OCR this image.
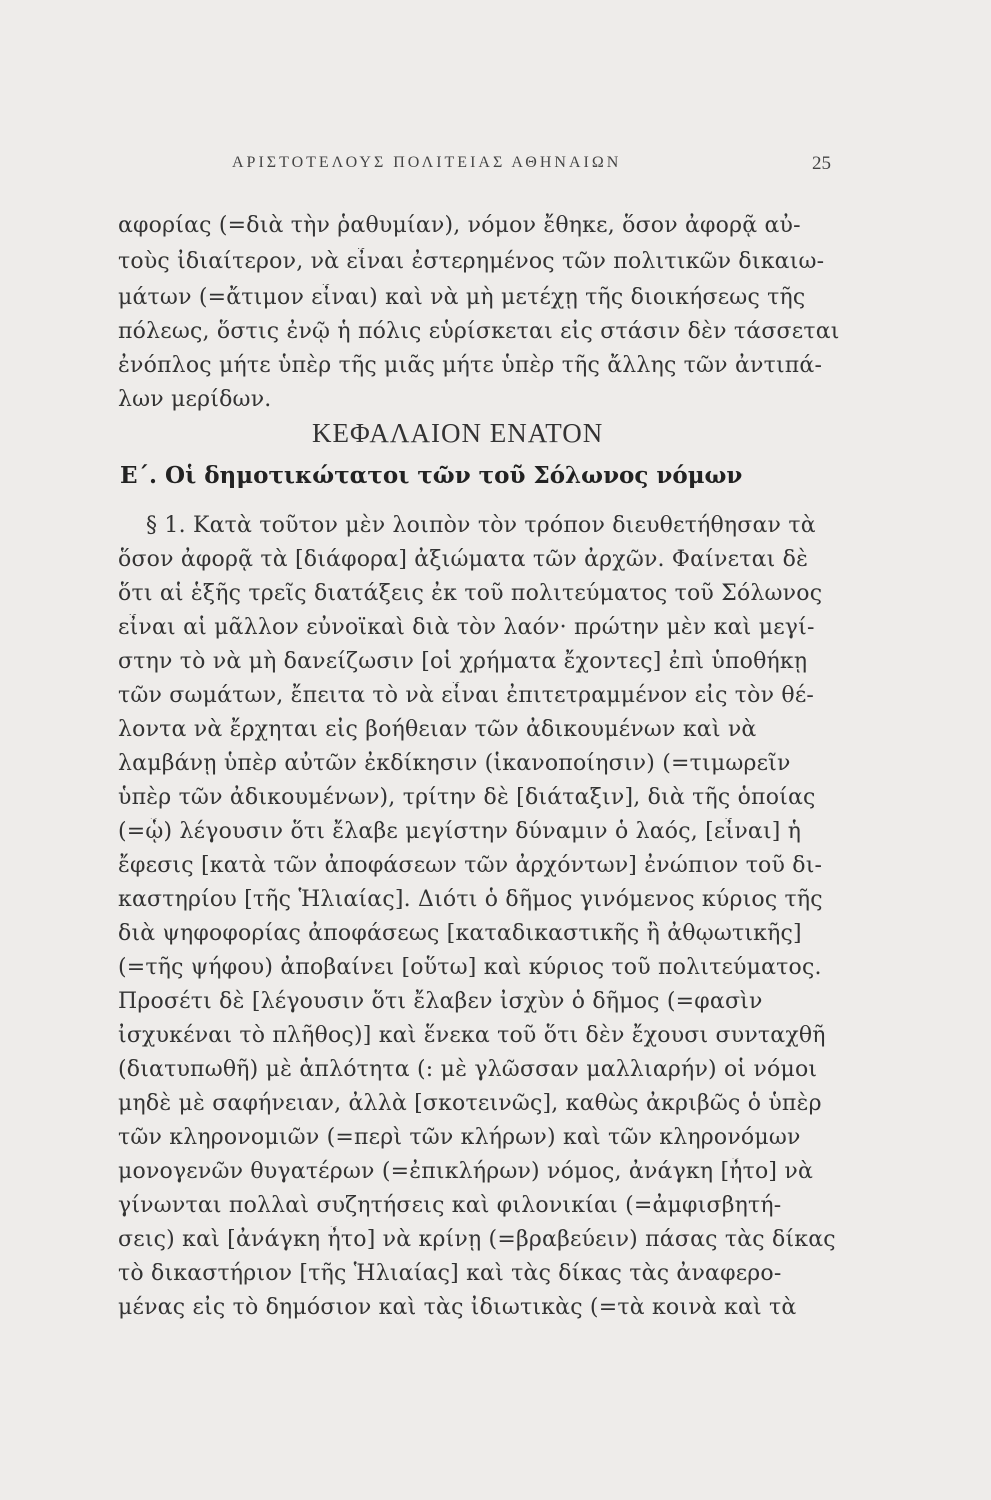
ΑΡΙΣΤΟΤΕΛΟΥΣ ΠΟΛΙΤΕΙΑΣ ΑΘΗΝΑΙΩΝ	25
αφορίας (=διὰ τὴν ῥαθυμίαν), νόμον ἔθηκε, ὅσον ἀφορᾷ αὐ-
τοὺς ἰδιαίτερον, νὰ εἶναι ἐστερημένος τῶν πολιτικῶν δικαιω-
μάτων (=ἄτιμον εἶναι) καὶ νὰ μὴ μετέχῃ τῆς διοικήσεως τῆς
πόλεως, ὅστις ἐνῷ ἡ πόλις εὑρίσκεται εἰς στάσιν δὲν τάσσεται
ἐνόπλος μήτε ὑπὲρ τῆς μιᾶς μήτε ὑπὲρ τῆς ἄλλης τῶν ἀντιπά-
λων μερίδων.
ΚΕΦΑΛΑΙΟΝ ΕΝΑΤΟΝ
Ε΄. Οἱ δημοτικώτατοι τῶν τοῦ Σόλωνος νόμων
§ 1. Κατὰ τοῦτον μὲν λοιπὸν τὸν τρόπον διευθετήθησαν τὰ
ὅσον ἀφορᾷ τὰ [διάφορα] ἀξιώματα τῶν ἀρχῶν. Φαίνεται δὲ
ὅτι αἱ ἑξῆς τρεῖς διατάξεις ἐκ τοῦ πολιτεύματος τοῦ Σόλωνος
εἶναι αἱ μᾶλλον εὐνοϊκαὶ διὰ τὸν λαόν· πρώτην μὲν καὶ μεγί-
στην τὸ νὰ μὴ δανείζωσιν [οἱ χρήματα ἔχοντες] ἐπὶ ὑποθήκῃ
τῶν σωμάτων, ἔπειτα τὸ νὰ εἶναι ἐπιτετραμμένον εἰς τὸν θέ-
λοντα νὰ ἔρχηται εἰς βοήθειαν τῶν ἀδικουμένων καὶ νὰ
λαμβάνῃ ὑπὲρ αὐτῶν ἐκδίκησιν (ἱκανοποίησιν) (=τιμωρεῖν
ὑπὲρ τῶν ἀδικουμένων), τρίτην δὲ [διάταξιν], διὰ τῆς ὁποίας
(=ᾧ) λέγουσιν ὅτι ἔλαβε μεγίστην δύναμιν ὁ λαός, [εἶναι] ἡ
ἔφεσις [κατὰ τῶν ἀποφάσεων τῶν ἀρχόντων] ἐνώπιον τοῦ δι-
καστηρίου [τῆς Ἡλιαίας]. Διότι ὁ δῆμος γινόμενος κύριος τῆς
διὰ ψηφοφορίας ἀποφάσεως [καταδικαστικῆς ἢ ἀθῳωτικῆς]
(=τῆς ψήφου) ἀποβαίνει [οὕτω] καὶ κύριος τοῦ πολιτεύματος.
Προσέτι δὲ [λέγουσιν ὅτι ἔλαβεν ἰσχὺν ὁ δῆμος (=φασὶν
ἰσχυκέναι τὸ πλῆθος)] καὶ ἕνεκα τοῦ ὅτι δὲν ἔχουσι συνταχθῆ
(διατυπωθῆ) μὲ ἁπλότητα (: μὲ γλῶσσαν μαλλιαρήν) οἱ νόμοι
μηδὲ μὲ σαφήνειαν, ἀλλὰ [σκοτεινῶς], καθὼς ἀκριβῶς ὁ ὑπὲρ
τῶν κληρονομιῶν (=περὶ τῶν κλήρων) καὶ τῶν κληρονόμων
μονογενῶν θυγατέρων (=ἐπικλήρων) νόμος, ἀνάγκη [ἦτο] νὰ
γίνωνται πολλαὶ συζητήσεις καὶ φιλονικίαι (=ἀμφισβητή-
σεις) καὶ [ἀνάγκη ἦτο] νὰ κρίνῃ (=βραβεύειν) πάσας τὰς δίκας
τὸ δικαστήριον [τῆς Ἡλιαίας] καὶ τὰς δίκας τὰς ἀναφερο-
μένας εἰς τὸ δημόσιον καὶ τὰς ἰδιωτικὰς (=τὰ κοινὰ καὶ τὰ
